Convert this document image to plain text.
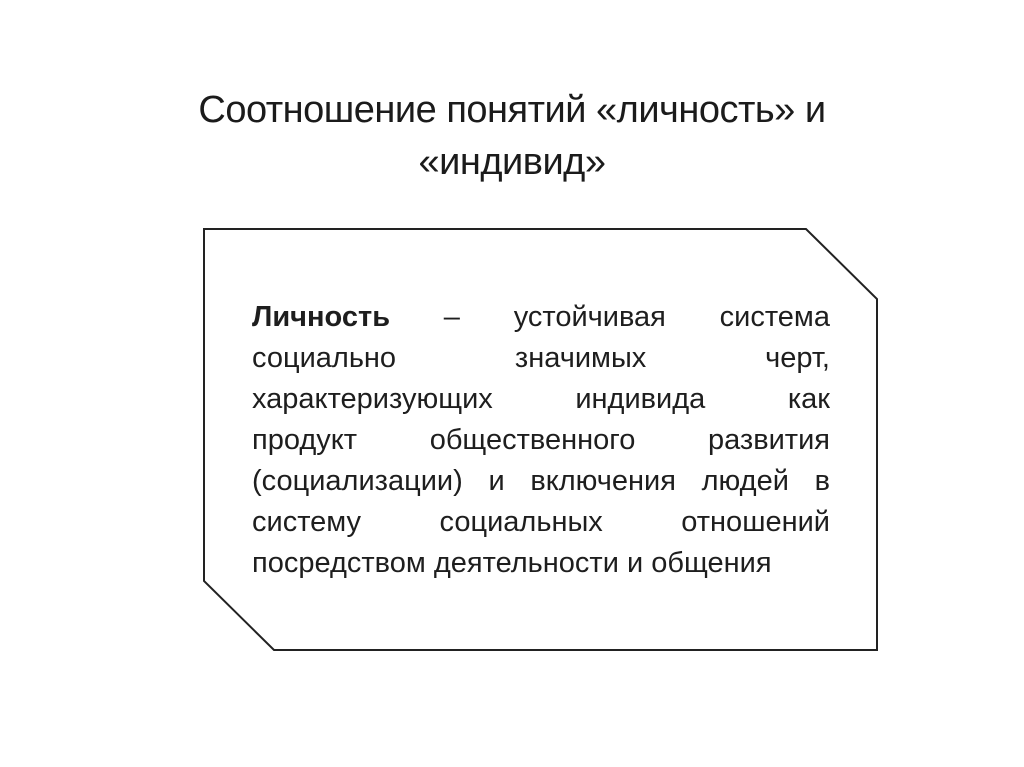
Соотношение понятий «личность» и
«индивид»
Личность – устойчивая система
социально значимых черт,
характеризующих индивида как
продукт общественного развития
(социализации) и включения людей в
систему социальных отношений
посредством деятельности и общения
